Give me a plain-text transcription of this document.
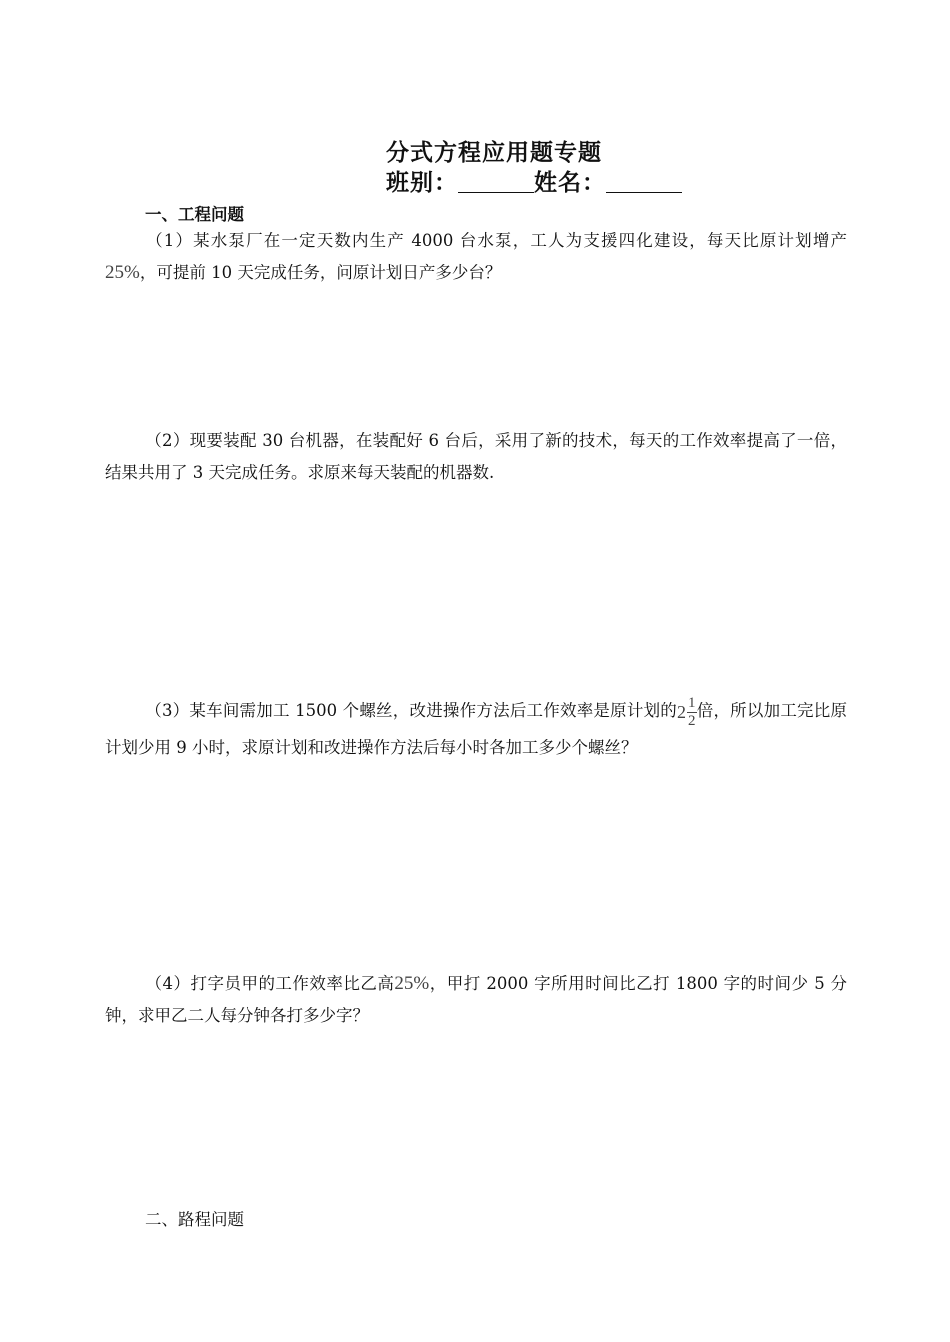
分式方程应用题专题
班别：	姓名：
一、工程问题
（1）某水泵厂在一定天数内生产 4000 台水泵，工人为支援四化建设，每天比原计划增产25%，可提前 10 天完成任务，问原计划日产多少台？
（2）现要装配 30 台机器，在装配好 6 台后，采用了新的技术，每天的工作效率提高了一倍，结果共用了 3 天完成任务。求原来每天装配的机器数.
（3）某车间需加工 1500 个螺丝，改进操作方法后工作效率是原计划的$2 \frac{1}{2}$ 倍，所以加工完比原计划少用 9 小时，求原计划和改进操作方法后每小时各加工多少个螺丝？
（4）打字员甲的工作效率比乙高25%，甲打 2000 字所用时间比乙打 1800 字的时间少 5 分钟，求甲乙二人每分钟各打多少字？
二、路程问题
